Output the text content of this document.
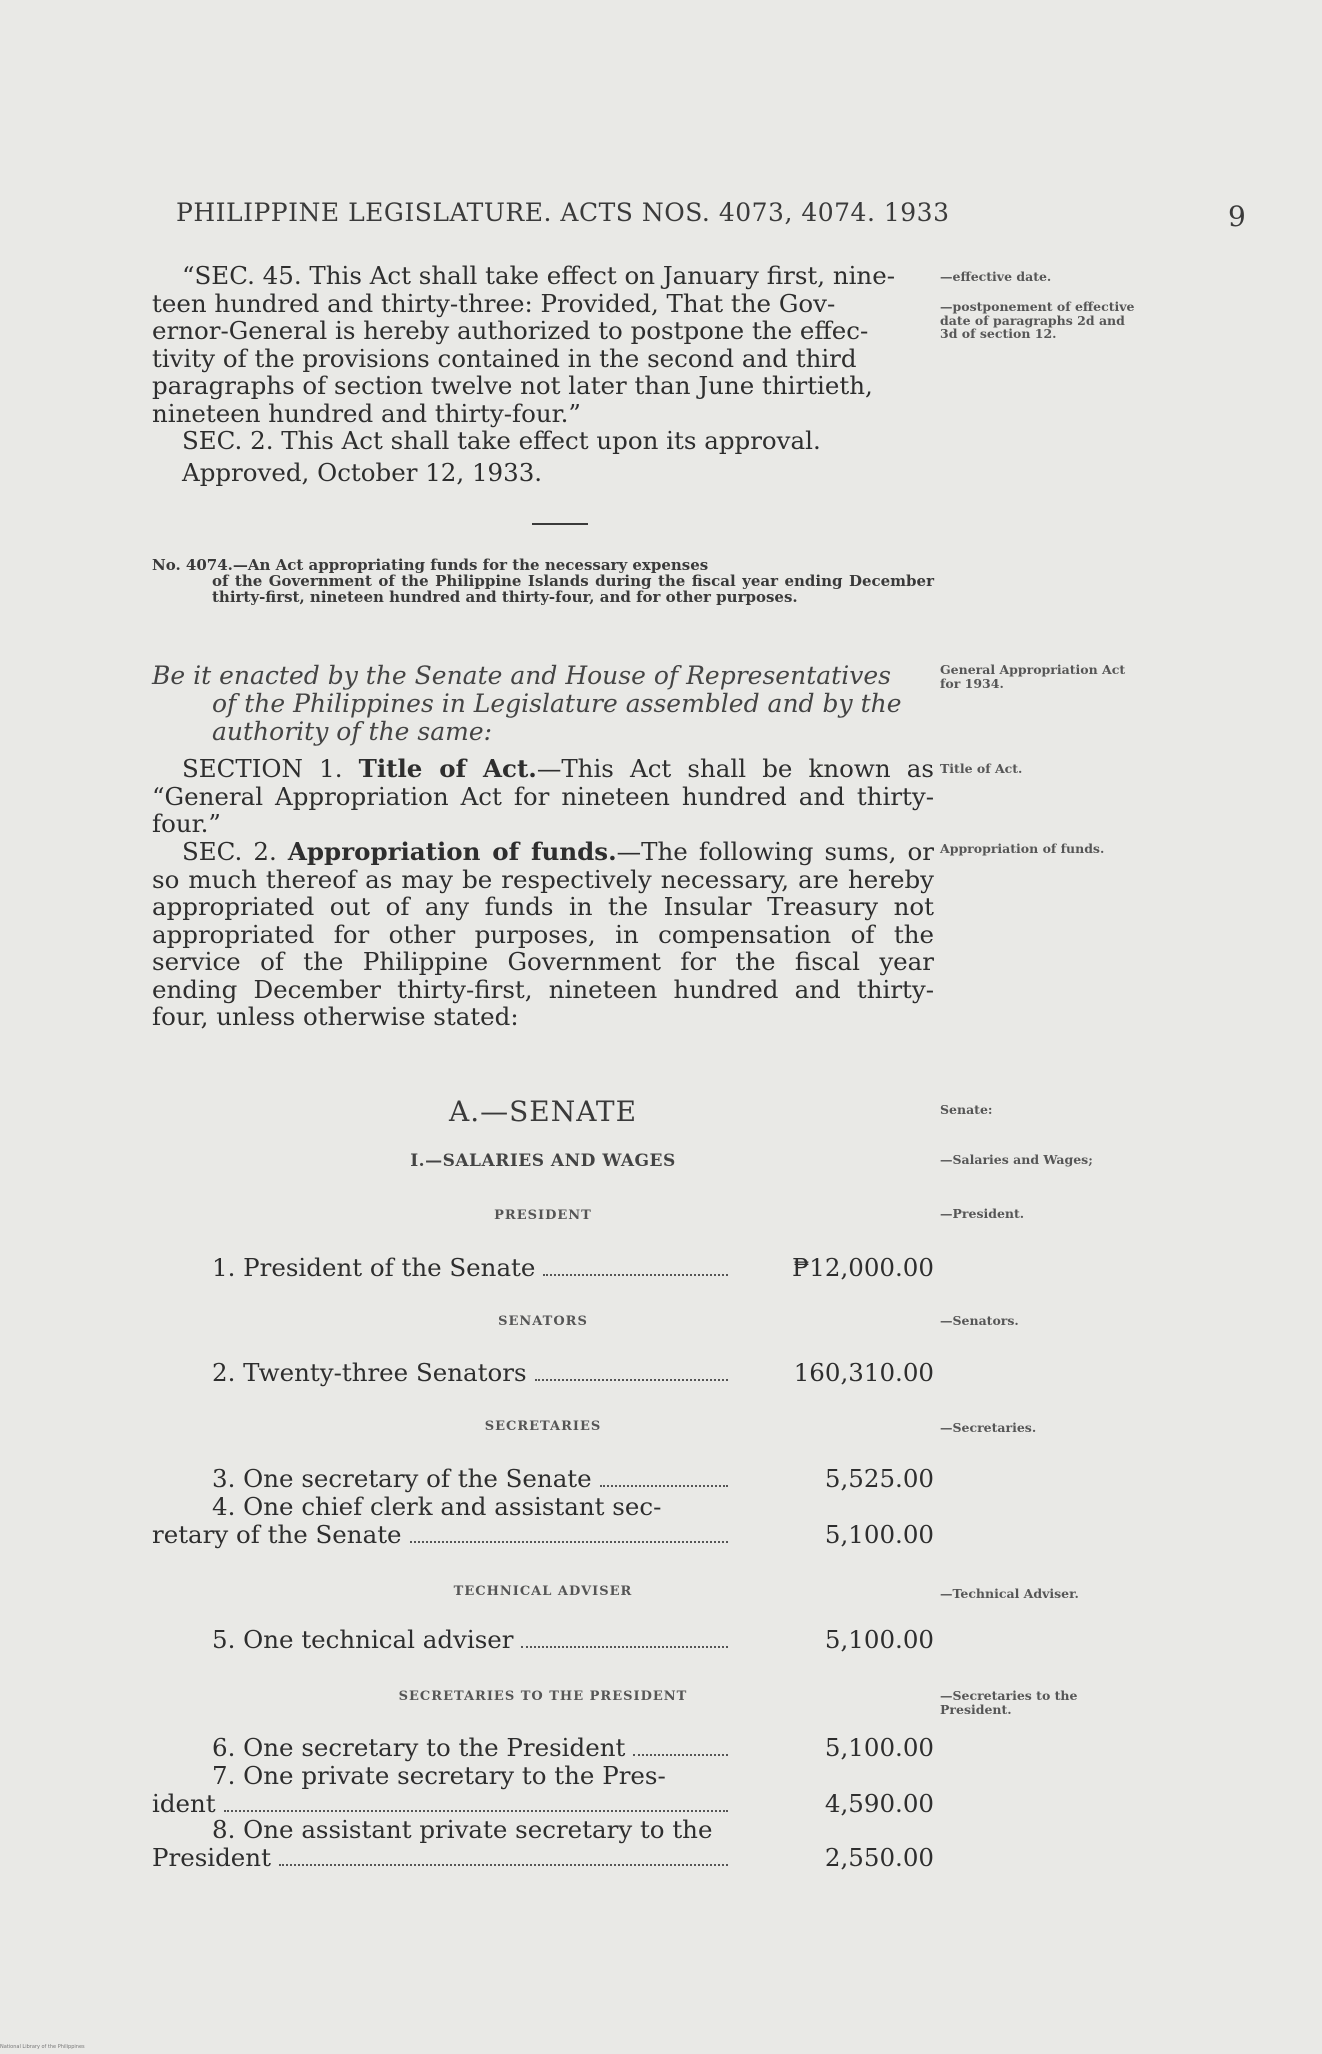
PHILIPPINE LEGISLATURE. ACTS NOS. 4073, 4074. 1933	9

“SEC. 45. This Act shall take effect on January first, nine-

teen hundred and thirty-three: Provided, That the Gov-

ernor-General is hereby authorized to postpone the effec-

tivity of the provisions contained in the second and third

paragraphs of section twelve not later than June thirtieth,

nineteen hundred and thirty-four.”

SEC. 2. This Act shall take effect upon its approval.

Approved, October 12, 1933.

—effective date.
—postponement of effective date of paragraphs 2d and 3d of section 12.
No. 4074.—An Act appropriating funds for the necessary expenses
of the Government of the Philippine Islands during the fiscal year ending December thirty-first, nineteen hundred and thirty-four, and for other purposes.
Be it enacted by the Senate and House of Representatives
of the Philippines in Legislature assembled and by the authority of the same:
General Appropriation Act for 1934.

SECTION 1. Title of Act.—This Act shall be known as “General Appropriation Act for nineteen hundred and thirty-four.”

Title of Act.

SEC. 2. Appropriation of funds.—The following sums, or so much thereof as may be respectively necessary, are hereby appropriated out of any funds in the Insular Treasury not appropriated for other purposes, in compensation of the service of the Philippine Government for the fiscal year ending December thirty-first, nineteen hundred and thirty-four, unless otherwise stated:

Appropriation of funds.
A.—SENATE	Senate:
I.—SALARIES AND WAGES	—Salaries and Wages;
PRESIDENT	—President.
1. President of the Senate	₱12,000.00
SENATORS	—Senators.
2. Twenty-three Senators	160,310.00
SECRETARIES	—Secretaries.
3. One secretary of the Senate	5,525.00
4. One chief clerk and assistant sec-
retary of the Senate	5,100.00
TECHNICAL ADVISER	—Technical Adviser.
5. One technical adviser	5,100.00
SECRETARIES TO THE PRESIDENT	—Secretaries to the President.
6. One secretary to the President	5,100.00
7. One private secretary to the Pres-
ident	4,590.00
8. One assistant private secretary to the
President	2,550.00
National Library of the Philippines
